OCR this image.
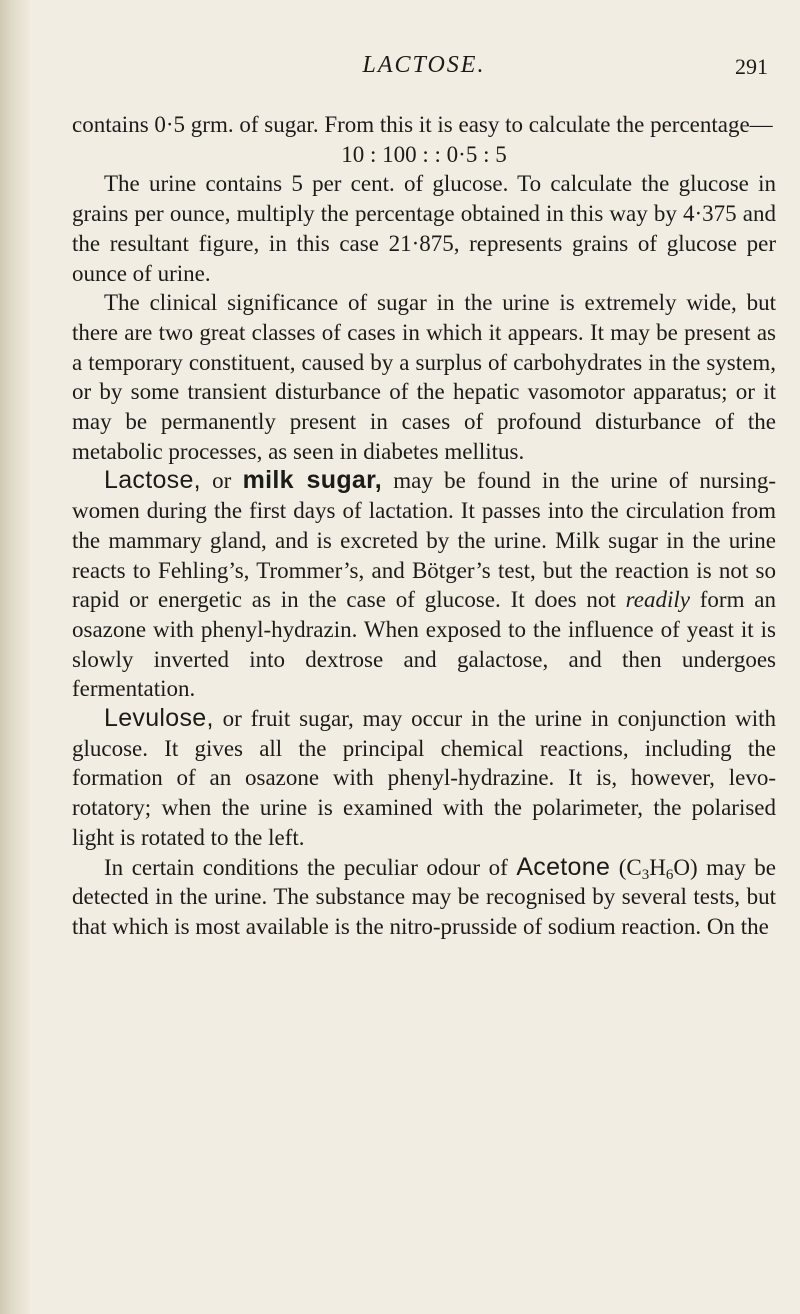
LACTOSE.	291

contains 0·5 grm. of sugar. From this it is easy to calculate the percentage—

10 : 100 : : 0·5 : 5

The urine contains 5 per cent. of glucose. To calculate the glucose in grains per ounce, multiply the percentage obtained in this way by 4·375 and the resultant figure, in this case 21·875, represents grains of glucose per ounce of urine.

The clinical significance of sugar in the urine is extremely wide, but there are two great classes of cases in which it appears. It may be present as a temporary constituent, caused by a surplus of carbohydrates in the system, or by some transient disturbance of the hepatic vasomotor apparatus; or it may be permanently present in cases of profound disturbance of the metabolic processes, as seen in diabetes mellitus.

Lactose, or milk sugar, may be found in the urine of nursing-women during the first days of lactation. It passes into the circulation from the mammary gland, and is excreted by the urine. Milk sugar in the urine reacts to Fehling’s, Trommer’s, and Bötger’s test, but the reaction is not so rapid or energetic as in the case of glucose. It does not readily form an osazone with phenyl-hydrazin. When exposed to the influence of yeast it is slowly inverted into dextrose and galactose, and then undergoes fermentation.

Levulose, or fruit sugar, may occur in the urine in conjunction with glucose. It gives all the principal chemical reactions, including the formation of an osazone with phenyl-hydrazine. It is, however, levo-rotatory; when the urine is examined with the polarimeter, the polarised light is rotated to the left.

In certain conditions the peculiar odour of Acetone $(C_3H_6O)$ may be detected in the urine. The substance may be recognised by several tests, but that which is most available is the nitro-prusside of sodium reaction. On the
